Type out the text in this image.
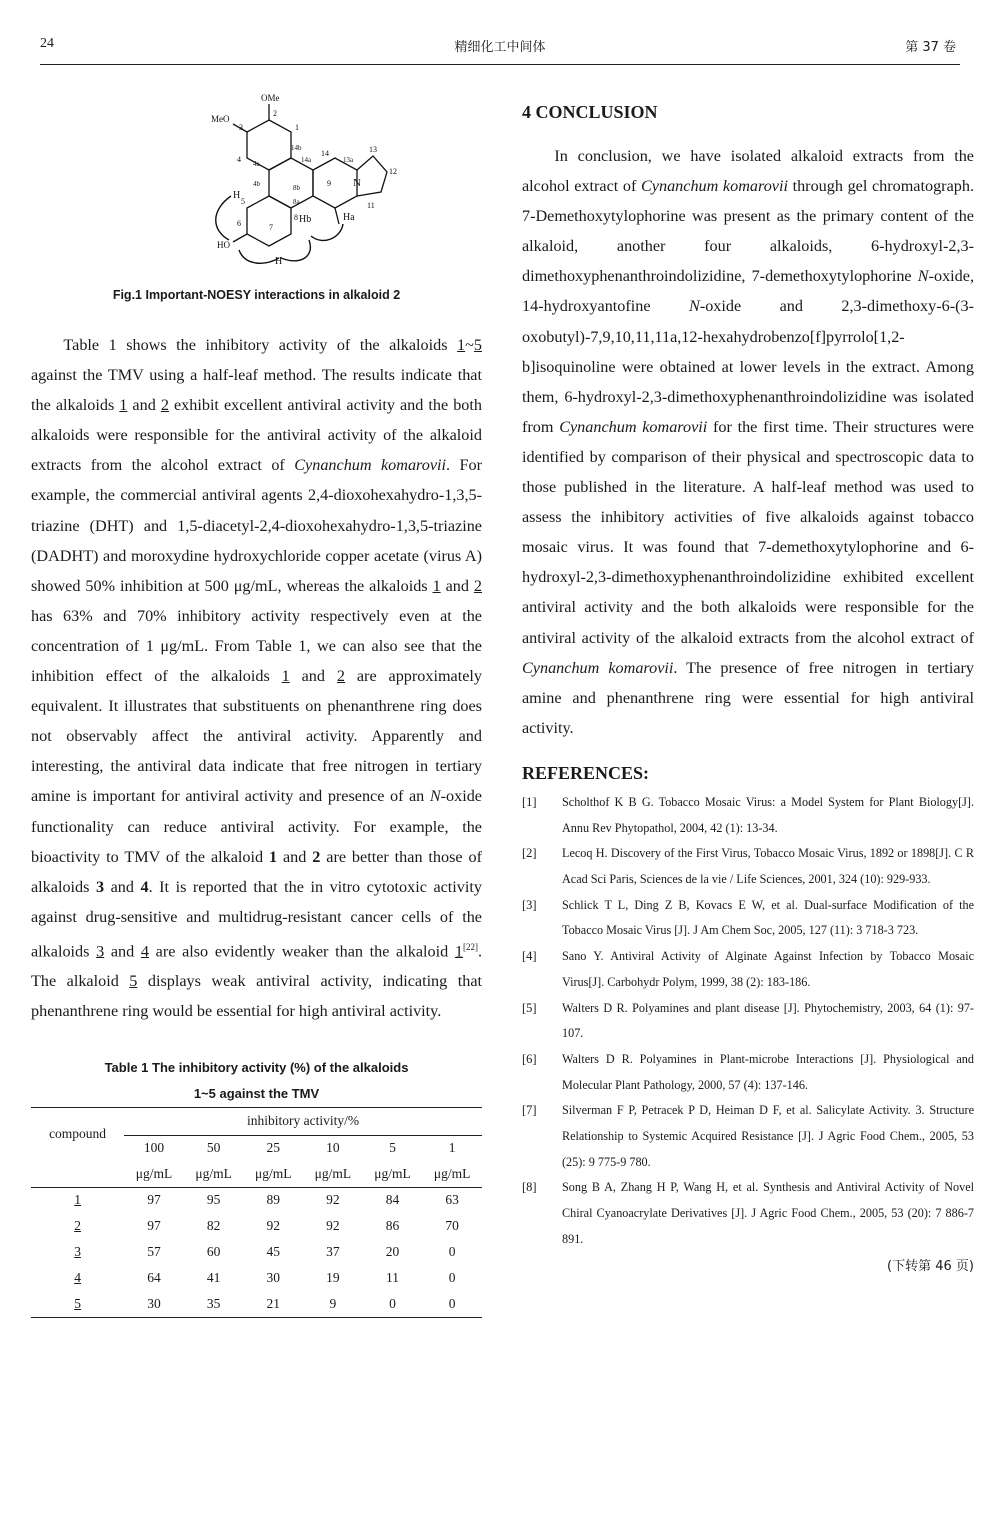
24	精细化工中间体	第 37 卷
OMe
MeO
HO
N
H
H
Hb	Ha
2
1
3
4 4a
4b
5
6	7
8
8a
8b	9
11
12
13
13a
14
14a
14b
Fig.1 Important-NOESY interactions in alkaloid 2

Table 1 shows the inhibitory activity of the alkaloids 1~5 against the TMV using a half-leaf method. The results indicate that the alkaloids 1 and 2 exhibit excellent antiviral activity and the both alkaloids were responsible for the antiviral activity of the alkaloid extracts from the alcohol extract of Cynanchum komarovii. For example, the commercial antiviral agents 2,4-dioxohexahydro-1,3,5-triazine (DHT) and 1,5-diacetyl-2,4-dioxohexahydro-1,3,5-triazine (DADHT) and moroxydine hydroxychloride copper acetate (virus A) showed 50% inhibition at 500 μg/mL, whereas the alkaloids 1 and 2 has 63% and 70% inhibitory activity respectively even at the concentration of 1 μg/mL. From Table 1, we can also see that the inhibition effect of the alkaloids 1 and 2 are approximately equivalent. It illustrates that substituents on phenanthrene ring does not observably affect the antiviral activity. Apparently and interesting, the antiviral data indicate that free nitrogen in tertiary amine is important for antiviral activity and presence of an N-oxide functionality can reduce antiviral activity. For example, the bioactivity to TMV of the alkaloid 1 and 2 are better than those of alkaloids 3 and 4. It is reported that the in vitro cytotoxic activity against drug-sensitive and multidrug-resistant cancer cells of the alkaloids 3 and 4 are also evidently weaker than the alkaloid 1[22]. The alkaloid 5 displays weak antiviral activity, indicating that phenanthrene ring would be essential for high antiviral activity.

Table 1 The inhibitory activity (%) of the alkaloids
1~5 against the TMV
compound	inhibitory activity/%					
	100	50	25	10	5	1
	μg/mL	μg/mL	μg/mL	μg/mL	μg/mL	μg/mL
1	97	95	89	92	84	63
2	97	82	92	92	86	70
3	57	60	45	37	20	0
4	64	41	30	19	11	0
5	30	35	21	9	0	0
4 CONCLUSION

In conclusion, we have isolated alkaloid extracts from the alcohol extract of Cynanchum komarovii through gel chromatograph. 7-Demethoxytylophorine was present as the primary content of the alkaloid, another four alkaloids, 6-hydroxyl-2,3-dimethoxyphenanthroindolizidine, 7-demethoxytylophorine N-oxide, 14-hydroxyantofine N-oxide and 2,3-dimethoxy-6-(3-oxobutyl)-7,9,10,11,11a,12-hexahydrobenzo[f]pyrrolo[1,2-b]isoquinoline were obtained at lower levels in the extract. Among them, 6-hydroxyl-2,3-dimethoxyphenanthroindolizidine was isolated from Cynanchum komarovii for the first time. Their structures were identified by comparison of their physical and spectroscopic data to those published in the literature. A half-leaf method was used to assess the inhibitory activities of five alkaloids against tobacco mosaic virus. It was found that 7-demethoxytylophorine and 6-hydroxyl-2,3-dimethoxyphenanthroindolizidine exhibited excellent antiviral activity and the both alkaloids were responsible for the antiviral activity of the alkaloid extracts from the alcohol extract of Cynanchum komarovii. The presence of free nitrogen in tertiary amine and phenanthrene ring were essential for high antiviral activity.

REFERENCES:
[1]	Scholthof K B G. Tobacco Mosaic Virus: a Model System for Plant Biology[J]. Annu Rev Phytopathol, 2004, 42 (1): 13-34.
[2]	Lecoq H. Discovery of the First Virus, Tobacco Mosaic Virus, 1892 or 1898[J]. C R Acad Sci Paris, Sciences de la vie / Life Sciences, 2001, 324 (10): 929-933.
[3]	Schlick T L, Ding Z B, Kovacs E W, et al. Dual-surface Modification of the Tobacco Mosaic Virus [J]. J Am Chem Soc, 2005, 127 (11): 3 718-3 723.
[4]	Sano Y. Antiviral Activity of Alginate Against Infection by Tobacco Mosaic Virus[J]. Carbohydr Polym, 1999, 38 (2): 183-186.
[5]	Walters D R. Polyamines and plant disease [J]. Phytochemistry, 2003, 64 (1): 97-107.
[6]	Walters D R. Polyamines in Plant-microbe Interactions [J]. Physiological and Molecular Plant Pathology, 2000, 57 (4): 137-146.
[7]	Silverman F P, Petracek P D, Heiman D F, et al. Salicylate Activity. 3. Structure Relationship to Systemic Acquired Resistance [J]. J Agric Food Chem., 2005, 53 (25): 9 775-9 780.
[8]	Song B A, Zhang H P, Wang H, et al. Synthesis and Antiviral Activity of Novel Chiral Cyanoacrylate Derivatives [J]. J Agric Food Chem., 2005, 53 (20): 7 886-7 891.
(下转第 46 页)
